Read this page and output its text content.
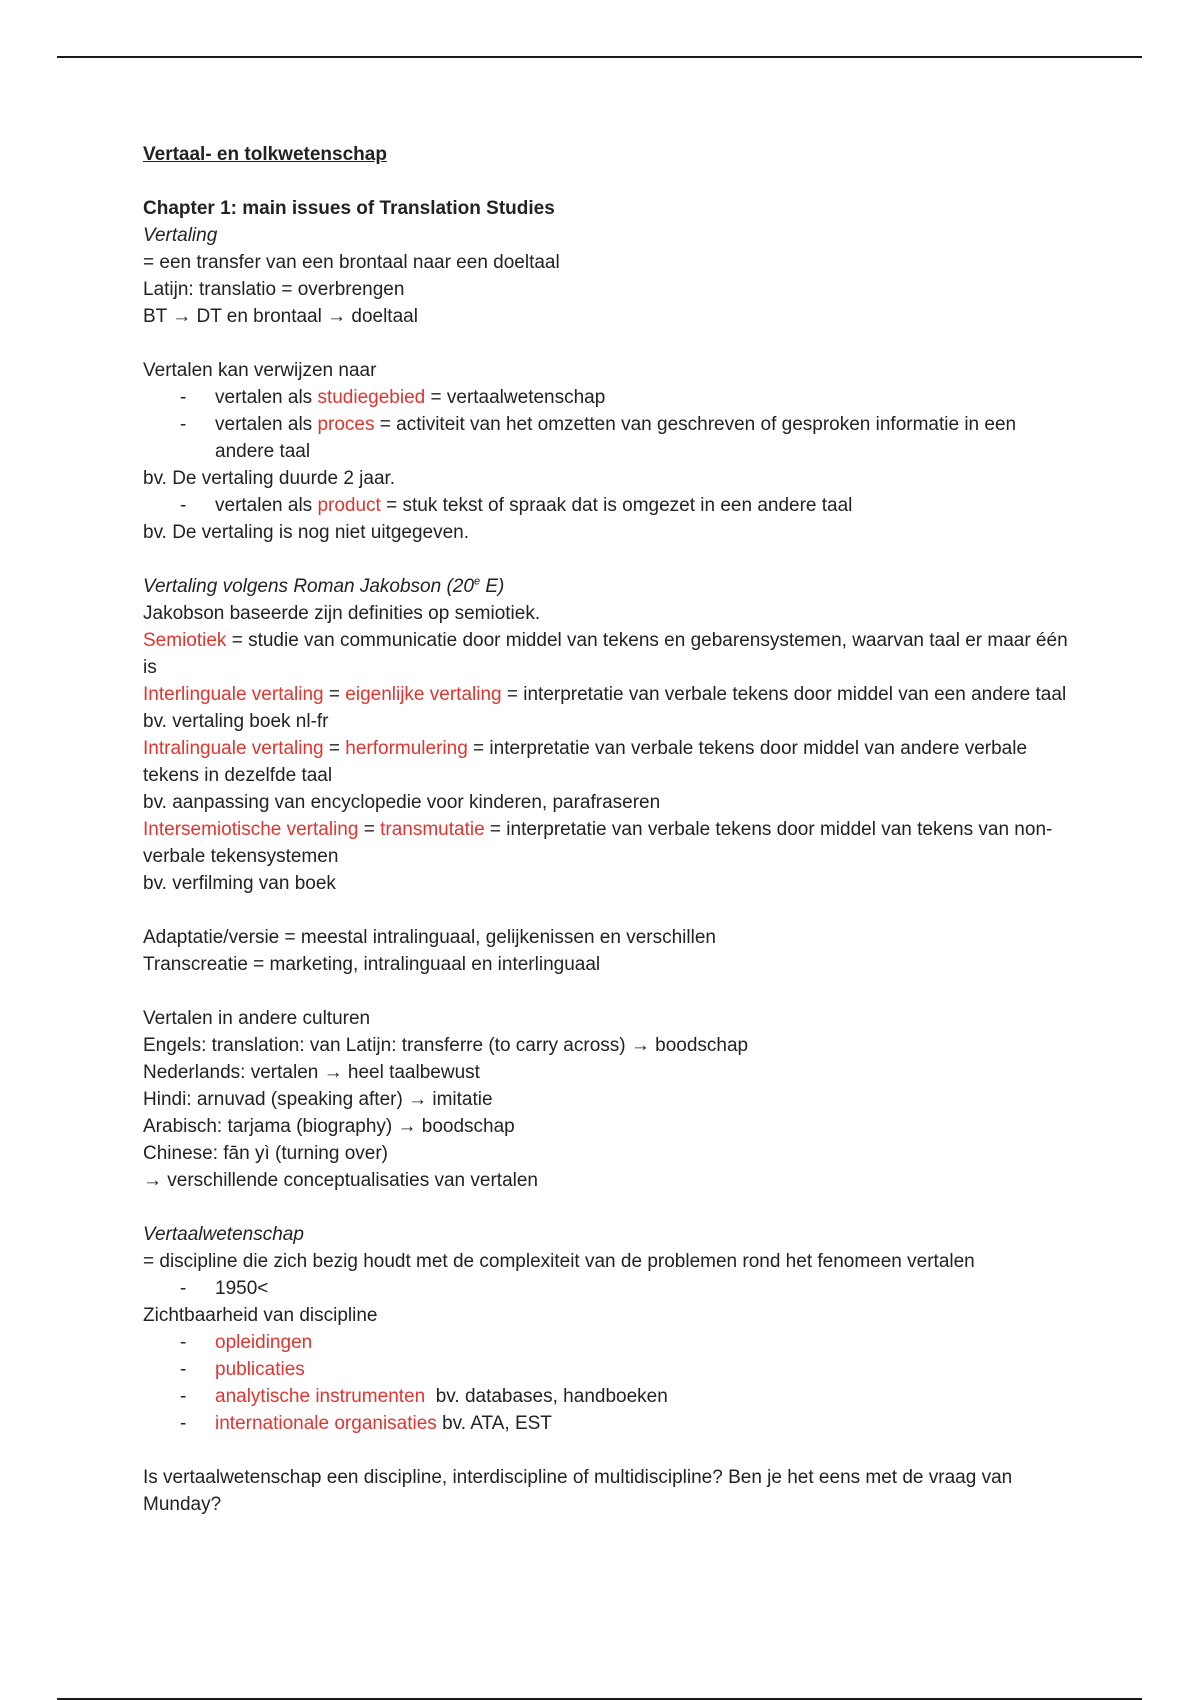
Vertaal- en tolkwetenschap
Chapter 1: main issues of Translation Studies
Vertaling
= een transfer van een brontaal naar een doeltaal
Latijn: translatio = overbrengen
BT → DT en brontaal → doeltaal
Vertalen kan verwijzen naar
- vertalen als studiegebied = vertaalwetenschap
- vertalen als proces = activiteit van het omzetten van geschreven of gesproken informatie in een andere taal
bv. De vertaling duurde 2 jaar.
- vertalen als product = stuk tekst of spraak dat is omgezet in een andere taal
bv. De vertaling is nog niet uitgegeven.
Vertaling volgens Roman Jakobson (20e E)
Jakobson baseerde zijn definities op semiotiek.
Semiotiek = studie van communicatie door middel van tekens en gebarensystemen, waarvan taal er maar één is
Interlinguale vertaling = eigenlijke vertaling = interpretatie van verbale tekens door middel van een andere taal
bv. vertaling boek nl-fr
Intralinguale vertaling = herformulering = interpretatie van verbale tekens door middel van andere verbale tekens in dezelfde taal
bv. aanpassing van encyclopedie voor kinderen, parafraseren
Intersemiotische vertaling = transmutatie = interpretatie van verbale tekens door middel van tekens van non-verbale tekensystemen
bv. verfilming van boek
Adaptatie/versie = meestal intralinguaal, gelijkenissen en verschillen
Transcreatie = marketing, intralinguaal en interlinguaal
Vertalen in andere culturen
Engels: translation: van Latijn: transferre (to carry across) → boodschap
Nederlands: vertalen → heel taalbewust
Hindi: arnuvad (speaking after) → imitatie
Arabisch: tarjama (biography) → boodschap
Chinese: fān yì (turning over)
→ verschillende conceptualisaties van vertalen
Vertaalwetenschap
= discipline die zich bezig houdt met de complexiteit van de problemen rond het fenomeen vertalen
- 1950<
Zichtbaarheid van discipline
- opleidingen
- publicaties
- analytische instrumenten  bv. databases, handboeken
- internationale organisaties bv. ATA, EST
Is vertaalwetenschap een discipline, interdiscipline of multidiscipline? Ben je het eens met de vraag van Munday?
